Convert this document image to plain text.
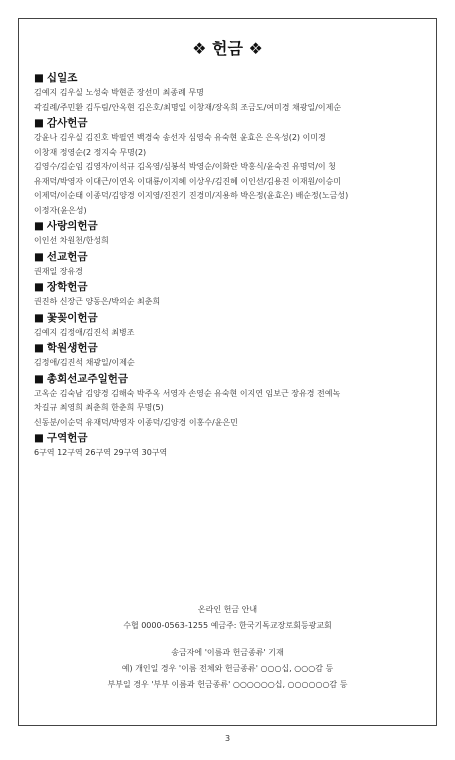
❖ 헌금 ❖
■ 십일조
김예지 김우실 노성숙 박현준 장선미 최종례 무명
곽길례/주민환 김두림/안옥현 김은호/최명일 이창재/장옥희 조금도/여미경 채광일/이제순
■ 감사헌금
강윤나 김우실 김진호 박필연 백경숙 송선자 심영숙 유숙현 윤효은 은옥성(2) 이미경
이창재 정영순(2 정지숙 무명(2)
김영수/김순임 김영자/이석규 김옥영/심봉석 박영순/이화란 박홍식/윤숙진 유명덕/이 청
유재덕/박영자 이대근/이연옥 이대룡/이지혜 이상우/김진혜 이인선/김용진 이재원/이승미
이제덕/이순태 이종덕/김양경 이지영/진진기 진경미/지용하 박은정(윤효은) 배순정(노금성)
이정자(윤은성)
■ 사랑의헌금
이인선 차원천/한성희
■ 선교헌금
권재일 장유경
■ 장학헌금
권진하 신장근 양동은/박의순 최춘희
■ 꽃꽂이헌금
김예지 김정애/김진석 최병조
■ 학원생헌금
김정애/김진석 채광일/이제순
■ 총회선교주일헌금
고옥순 김숙남 김양경 김해숙 박주옥 서영자 손영순 유숙현 이지연 임보근 장유경 전예녹
차길규 최영희 최춘희 한춘희 무명(5)
신동분/이순덕 유재덕/박영자 이종덕/김양경 이홍수/윤은민
■ 구역헌금
6구역 12구역 26구역 29구역 30구역
온라인 헌금 안내
수협 0000-0563-1255 예금주: 한국기독교장로회등광교회
송금자에 '이름과 헌금종류' 기재
예) 개인일 경우 '이름 전체와 헌금종류' ○○○십, ○○○감 등
부부일 경우 '부부 이름과 헌금종류' ○○○○○○십, ○○○○○○감 등
3
